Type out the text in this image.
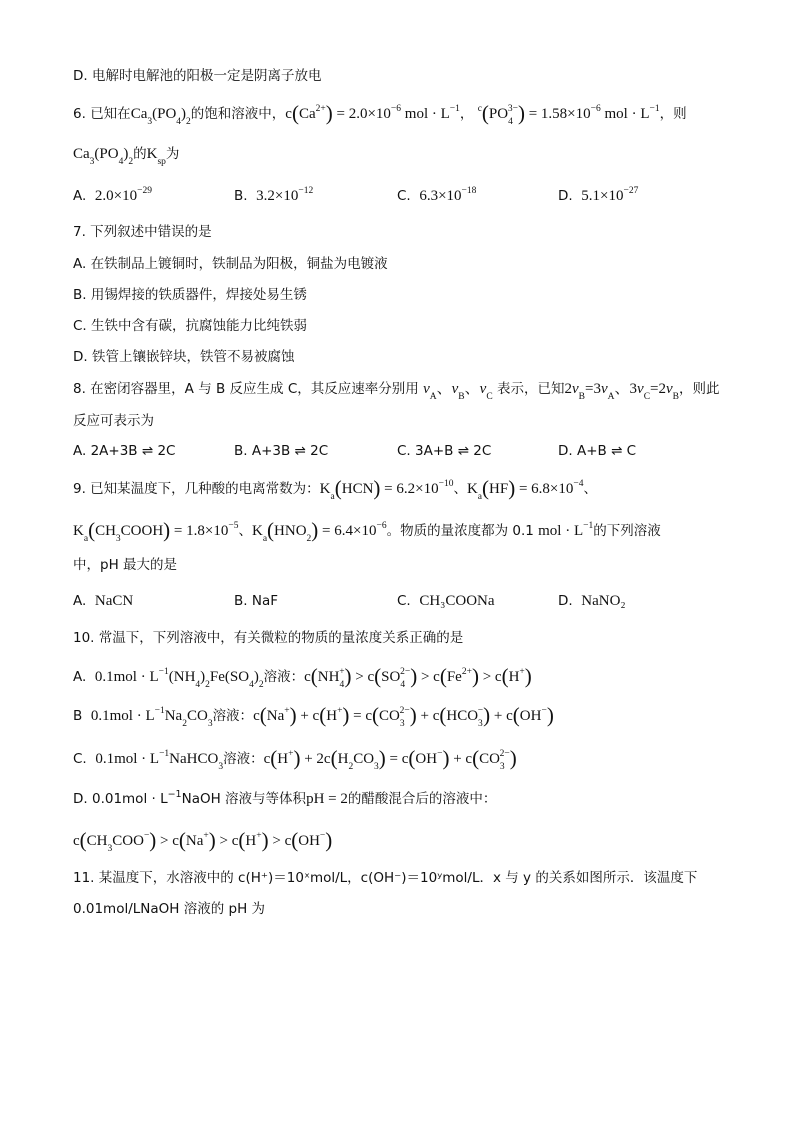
D. 电解时电解池的阳极一定是阴离子放电
6. 已知在$Ca_3(PO_4)_2$的饱和溶液中，$c(Ca^{2+}) = 2.0\times 10^{-6}$ mol · $L^{-1}$， $^c(PO_4^{3-}) = 1.58\times 10^{-6}$ mol · $L^{-1}$，则
$Ca_3(PO_4)_2$的$K_{sp}$为
A. $2.0\times 10^{-29}$	B. $3.2\times 10^{-12}$	C. $6.3\times 10^{-18}$	D. $5.1\times 10^{-27}$
7. 下列叙述中错误的是
A. 在铁制品上镀铜时，铁制品为阳极，铜盐为电镀液
B. 用锡焊接的铁质器件，焊接处易生锈
C. 生铁中含有碳，抗腐蚀能力比纯铁弱
D. 铁管上镶嵌锌块，铁管不易被腐蚀
8. 在密闭容器里，A 与 B 反应生成 C，其反应速率分别用 $v_A$、$v_B$、$v_C$ 表示，已知$2v_B=3v_A$、$3v_C=2v_B$，则此
反应可表示为
A. 2A+3B ⇌ 2C	B. A+3B ⇌ 2C	C. 3A+B ⇌ 2C	D. A+B ⇌ C
9. 已知某温度下，几种酸的电离常数为：$K_a(HCN) = 6.2\times 10^{-10}$、$K_a(HF) = 6.8\times 10^{-4}$、
$K_a(CH_3COOH) = 1.8\times 10^{-5}$、$K_a(HNO_2) = 6.4\times 10^{-6}$。物质的量浓度都为 0.1 mol · $L^{-1}$的下列溶液
中，pH 最大的是
A. NaCN	B. NaF	C. CH₃COONa	D. NaNO₂
10. 常温下，下列溶液中，有关微粒的物质的量浓度关系正确的是
A. $0.1mol \cdot L^{-1}(NH_4)_2Fe(SO_4)_2$溶液：$c(NH_4^+) > c(SO_4^{2-}) > c(Fe^{2+}) > c(H^+)$
B $0.1mol \cdot L^{-1}Na_2CO_3$溶液：$c(Na^+) + c(H^+) = c(CO_3^{2-}) + c(HCO_3^-) + c(OH^-)$
C. $0.1mol \cdot L^{-1}NaHCO_3$溶液：$c(H^+) + 2c(H_2CO_3) = c(OH^-) + c(CO_3^{2-})$
D. $0.01mol \cdot L^{-1}NaOH$ 溶液与等体积pH = 2的醋酸混合后的溶液中：
$c(CH_3COO^-) > c(Na^+) > c(H^+) > c(OH^-)$
11. 某温度下，水溶液中的 c(H⁺)＝10ˣmol/L，c(OH⁻)＝10ʸmol/L．x 与 y 的关系如图所示．该温度下
0.01mol/LNaOH 溶液的 pH 为
